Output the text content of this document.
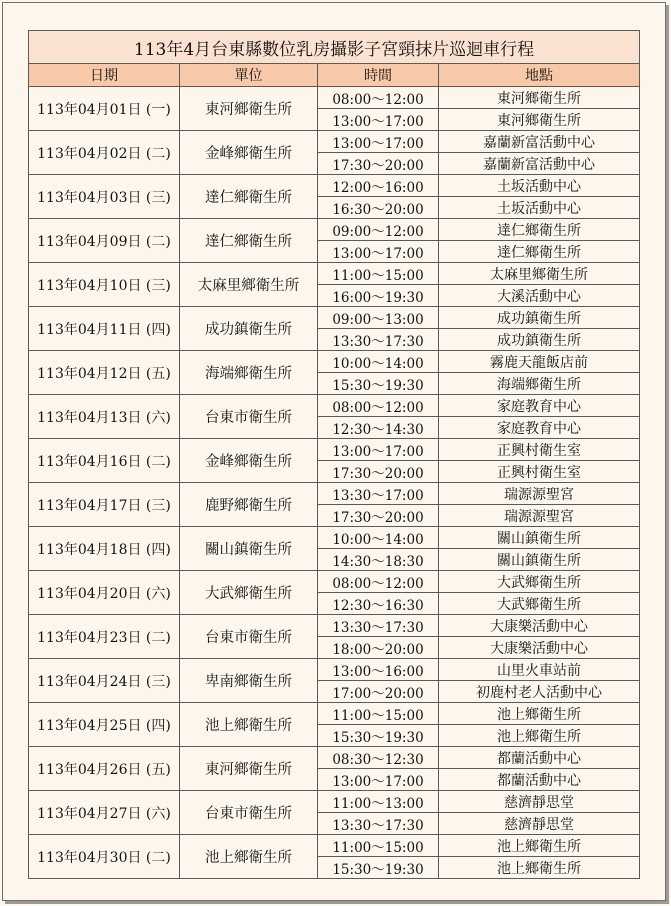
113年4月台東縣數位乳房攝影子宮頸抹片巡迴車行程			
日期	單位	時間	地點
113年04月01日 (一)	東河鄉衛生所	08:00～12:00	東河鄉衛生所
		13:00～17:00	東河鄉衛生所
113年04月02日 (二)	金峰鄉衛生所	13:00～17:00	嘉蘭新富活動中心
		17:30～20:00	嘉蘭新富活動中心
113年04月03日 (三)	達仁鄉衛生所	12:00～16:00	土坂活動中心
		16:30～20:00	土坂活動中心
113年04月09日 (二)	達仁鄉衛生所	09:00～12:00	達仁鄉衛生所
		13:00～17:00	達仁鄉衛生所
113年04月10日 (三)	太麻里鄉衛生所	11:00～15:00	太麻里鄉衛生所
		16:00～19:30	大溪活動中心
113年04月11日 (四)	成功鎮衛生所	09:00～13:00	成功鎮衛生所
		13:30～17:30	成功鎮衛生所
113年04月12日 (五)	海端鄉衛生所	10:00～14:00	霧鹿天龍飯店前
		15:30～19:30	海端鄉衛生所
113年04月13日 (六)	台東市衛生所	08:00～12:00	家庭教育中心
		12:30～14:30	家庭教育中心
113年04月16日 (二)	金峰鄉衛生所	13:00～17:00	正興村衛生室
		17:30～20:00	正興村衛生室
113年04月17日 (三)	鹿野鄉衛生所	13:30～17:00	瑞源源聖宮
		17:30～20:00	瑞源源聖宮
113年04月18日 (四)	關山鎮衛生所	10:00～14:00	關山鎮衛生所
		14:30～18:30	關山鎮衛生所
113年04月20日 (六)	大武鄉衛生所	08:00～12:00	大武鄉衛生所
		12:30～16:30	大武鄉衛生所
113年04月23日 (二)	台東市衛生所	13:30～17:30	大康樂活動中心
		18:00～20:00	大康樂活動中心
113年04月24日 (三)	卑南鄉衛生所	13:00～16:00	山里火車站前
		17:00～20:00	初鹿村老人活動中心
113年04月25日 (四)	池上鄉衛生所	11:00～15:00	池上鄉衛生所
		15:30～19:30	池上鄉衛生所
113年04月26日 (五)	東河鄉衛生所	08:30～12:30	都蘭活動中心
		13:00～17:00	都蘭活動中心
113年04月27日 (六)	台東市衛生所	11:00～13:00	慈濟靜思堂
		13:30～17:30	慈濟靜思堂
113年04月30日 (二)	池上鄉衛生所	11:00～15:00	池上鄉衛生所
		15:30～19:30	池上鄉衛生所
